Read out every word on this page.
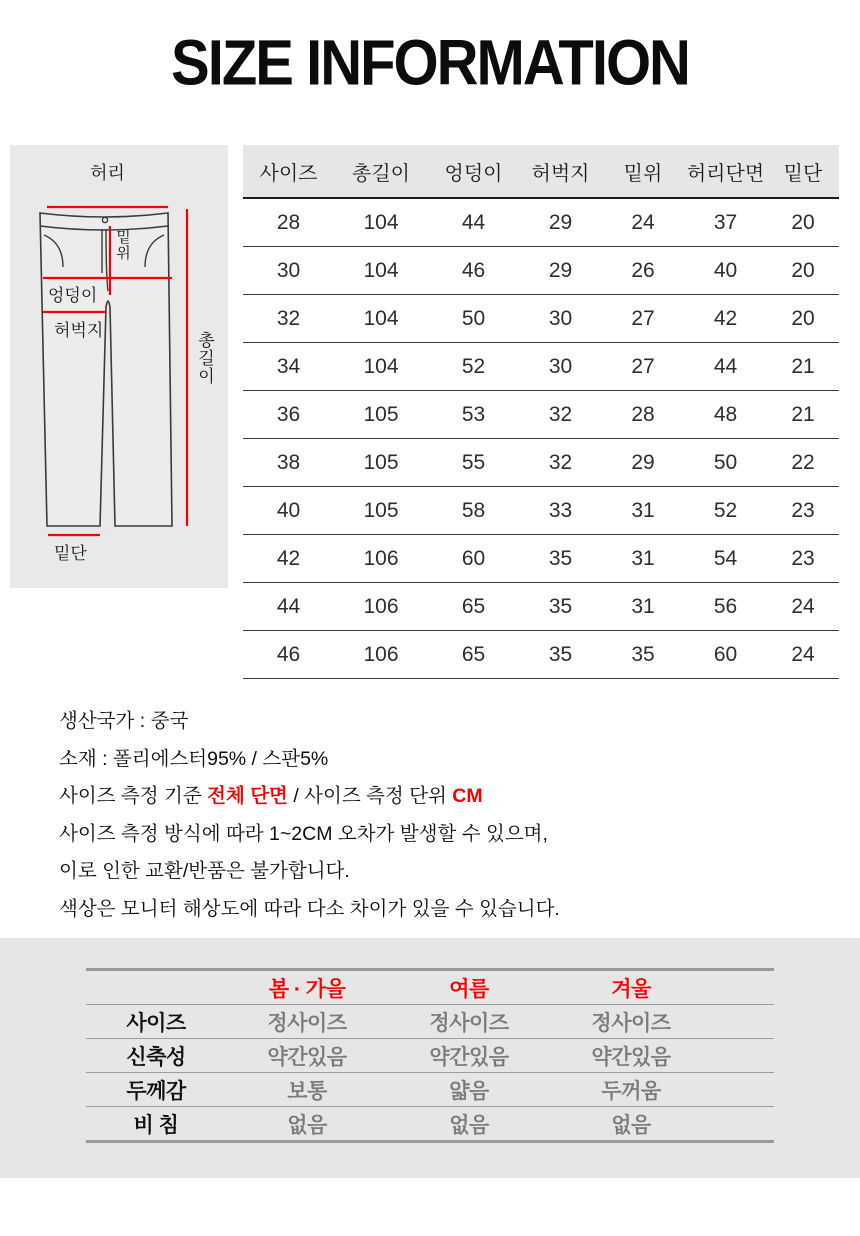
SIZE INFORMATION
허리
밑위
엉덩이
허벅지
총길이
밑단
사이즈	총길이	엉덩이	허벅지	밑위	허리단면	밑단
28	104	44	29	24	37	20
30	104	46	29	26	40	20
32	104	50	30	27	42	20
34	104	52	30	27	44	21
36	105	53	32	28	48	21
38	105	55	32	29	50	22
40	105	58	33	31	52	23
42	106	60	35	31	54	23
44	106	65	35	31	56	24
46	106	65	35	35	60	24
생산국가 : 중국
소재 : 폴리에스터95% / 스판5%
사이즈 측정 기준 전체 단면 / 사이즈 측정 단위 CM
사이즈 측정 방식에 따라 1~2CM 오차가 발생할 수 있으며,
이로 인한 교환/반품은 불가합니다.
색상은 모니터 해상도에 따라 다소 차이가 있을 수 있습니다.
	봄 · 가을	여름	겨울	
사이즈	정사이즈	정사이즈	정사이즈	
신축성	약간있음	약간있음	약간있음	
두께감	보통	얇음	두꺼움	
비 침	없음	없음	없음	
